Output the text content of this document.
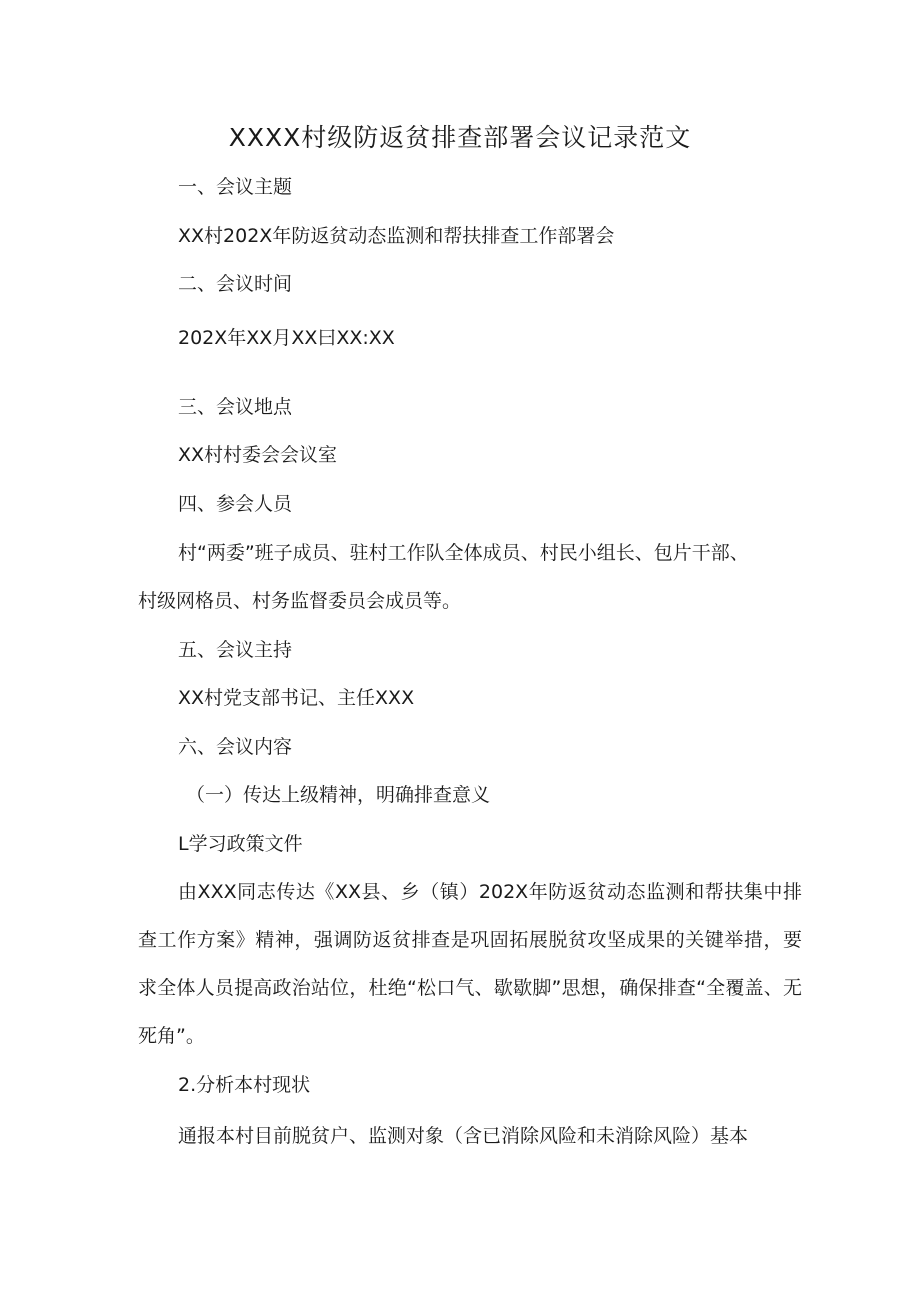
XXXX村级防返贫排查部署会议记录范文
一、会议主题
XX村202X年防返贫动态监测和帮扶排查工作部署会
二、会议时间
202X年XX月XX曰XX:XX
三、会议地点
XX村村委会会议室
四、参会人员
村“两委”班子成员、驻村工作队全体成员、村民小组长、包片干部、
村级网格员、村务监督委员会成员等。
五、会议主持
XX村党支部书记、主任XXX
六、会议内容
（一）传达上级精神，明确排查意义
L学习政策文件
由XXX同志传达《XX县、乡（镇）202X年防返贫动态监测和帮扶集中排查工作方案》精神，强调防返贫排查是巩固拓展脱贫攻坚成果的关键举措，要求全体人员提高政治站位，杜绝“松口气、歇歇脚”思想，确保排查“全覆盖、无死角”。
2.分析本村现状
通报本村目前脱贫户、监测对象（含已消除风险和未消除风险）基本
